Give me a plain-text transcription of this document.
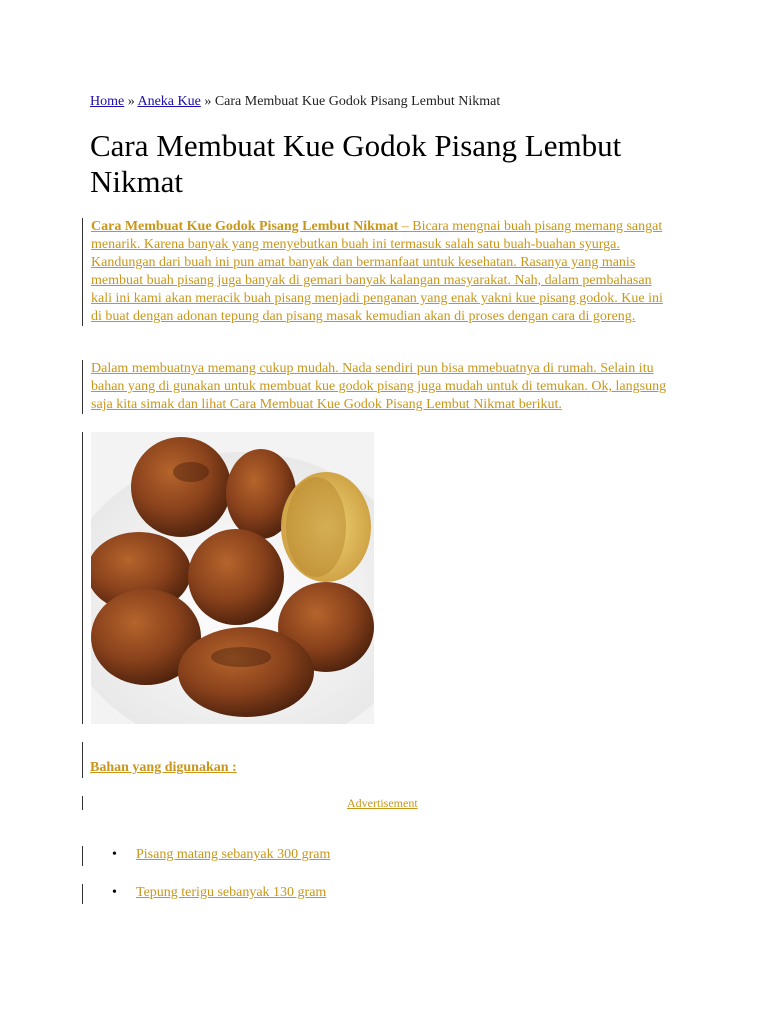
Home » Aneka Kue » Cara Membuat Kue Godok Pisang Lembut Nikmat
Cara Membuat Kue Godok Pisang Lembut Nikmat
Cara Membuat Kue Godok Pisang Lembut Nikmat – Bicara mengnai buah pisang memang sangat menarik. Karena banyak yang menyebutkan buah ini termasuk salah satu buah-buahan syurga. Kandungan dari buah ini pun amat banyak dan bermanfaat untuk kesehatan. Rasanya yang manis membuat buah pisang juga banyak di gemari banyak kalangan masyarakat. Nah, dalam pembahasan kali ini kami akan meracik buah pisang menjadi penganan yang enak yakni kue pisang godok. Kue ini di buat dengan adonan tepung dan pisang masak kemudian akan di proses dengan cara di goreng.
Dalam membuatnya memang cukup mudah. Nada sendiri pun bisa mmebuatnya di rumah. Selain itu bahan yang di gunakan untuk membuat kue godok pisang juga mudah untuk di temukan. Ok, langsung saja kita simak dan lihat Cara Membuat Kue Godok Pisang Lembut Nikmat berikut.
Bahan yang digunakan :
Advertisement
• Pisang matang sebanyak 300 gram
• Tepung terigu sebanyak 130 gram
